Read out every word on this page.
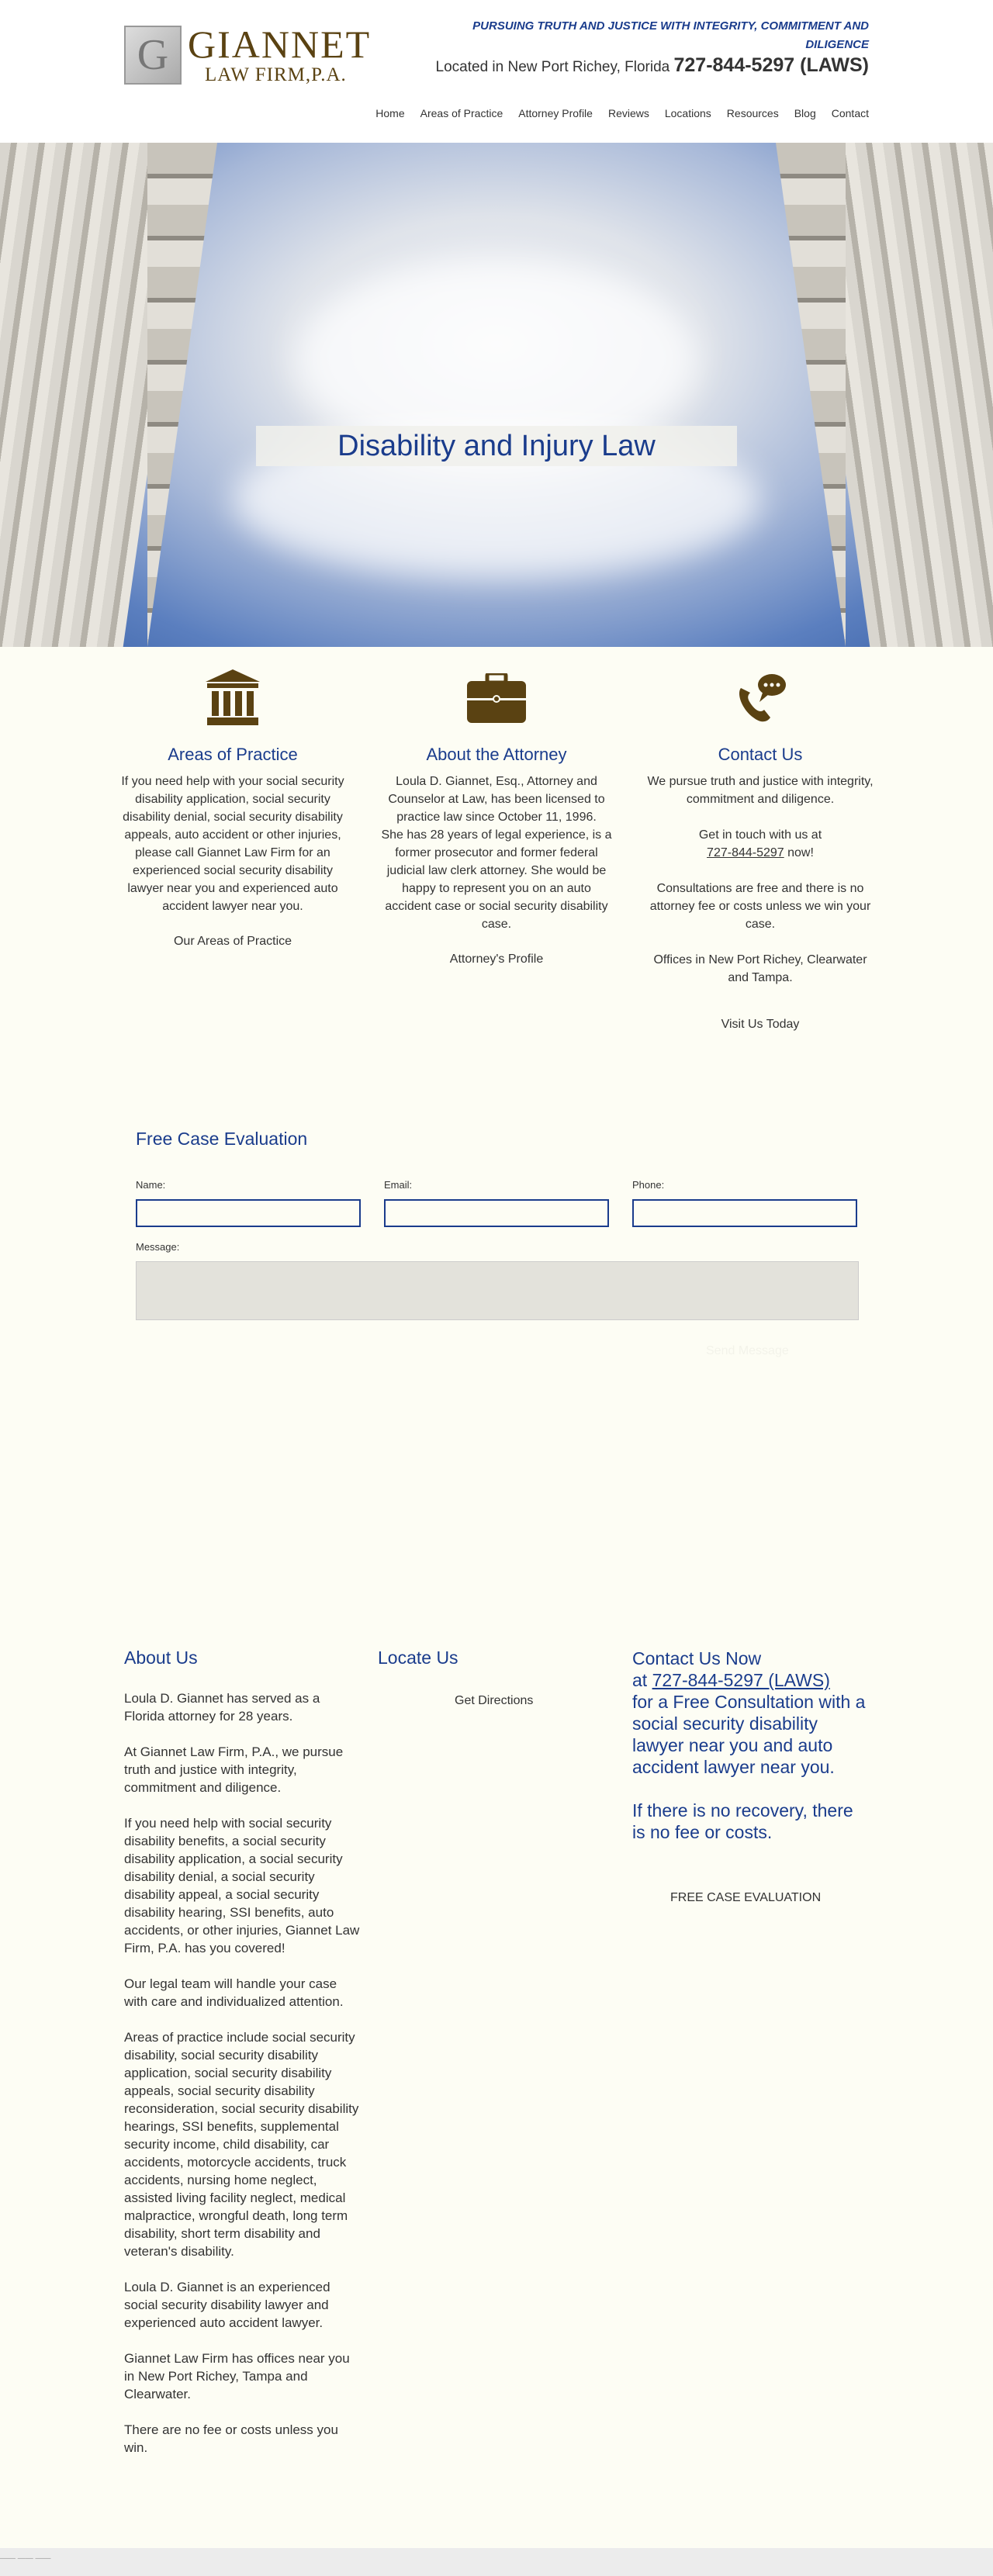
G GIANNET
LAW FIRM,P.A.
PURSUING TRUTH AND JUSTICE WITH INTEGRITY, COMMITMENT AND DILIGENCE
Located in New Port Richey, Florida 727-844-5297 (LAWS)
Home Areas of Practice Attorney Profile Reviews Locations Resources Blog Contact
Disability and Injury Law
Areas of Practice

If you need help with your social security disability application, social security disability denial, social security disability appeals, auto accident or other injuries, please call Giannet Law Firm for an experienced social security disability lawyer near you and experienced auto accident lawyer near you.

Our Areas of Practice
About the Attorney

Loula D. Giannet, Esq., Attorney and Counselor at Law, has been licensed to practice law since October 11, 1996.

She has 28 years of legal experience, is a former prosecutor and former federal judicial law clerk attorney. She would be happy to represent you on an auto accident case or social security disability case.

Attorney's Profile
Contact Us

We pursue truth and justice with integrity, commitment and diligence.

Get in touch with us at
727-844-5297 now!

Consultations are free and there is no attorney fee or costs unless we win your case.

Offices in New Port Richey, Clearwater and Tampa.

Visit Us Today
Free Case Evaluation
Name:	Email:	Phone:
Message:
Send Message
About Us

Loula D. Giannet has served as a Florida attorney for 28 years.

At Giannet Law Firm, P.A., we pursue truth and justice with integrity, commitment and diligence.

If you need help with social security disability benefits, a social security disability application, a social security disability denial, a social security disability appeal, a social security disability hearing, SSI benefits, auto accidents, or other injuries, Giannet Law Firm, P.A. has you covered!

Our legal team will handle your case with care and individualized attention.

Areas of practice include social security disability, social security disability application, social security disability appeals, social security disability reconsideration, social security disability hearings, SSI benefits, supplemental security income, child disability, car accidents, motorcycle accidents, truck accidents, nursing home neglect, assisted living facility neglect, medical malpractice, wrongful death, long term disability, short term disability and veteran's disability.

Loula D. Giannet is an experienced social security disability lawyer and experienced auto accident lawyer.

Giannet Law Firm has offices near you in New Port Richey, Tampa and Clearwater.

There are no fee or costs unless you win.

Locate Us
Get Directions
Contact Us Now
at 727-844-5297 (LAWS)
for a Free Consultation with a social security disability lawyer near you and auto accident lawyer near you.
If there is no recovery, there is no fee or costs.
FREE CASE EVALUATION
—— —— ——
